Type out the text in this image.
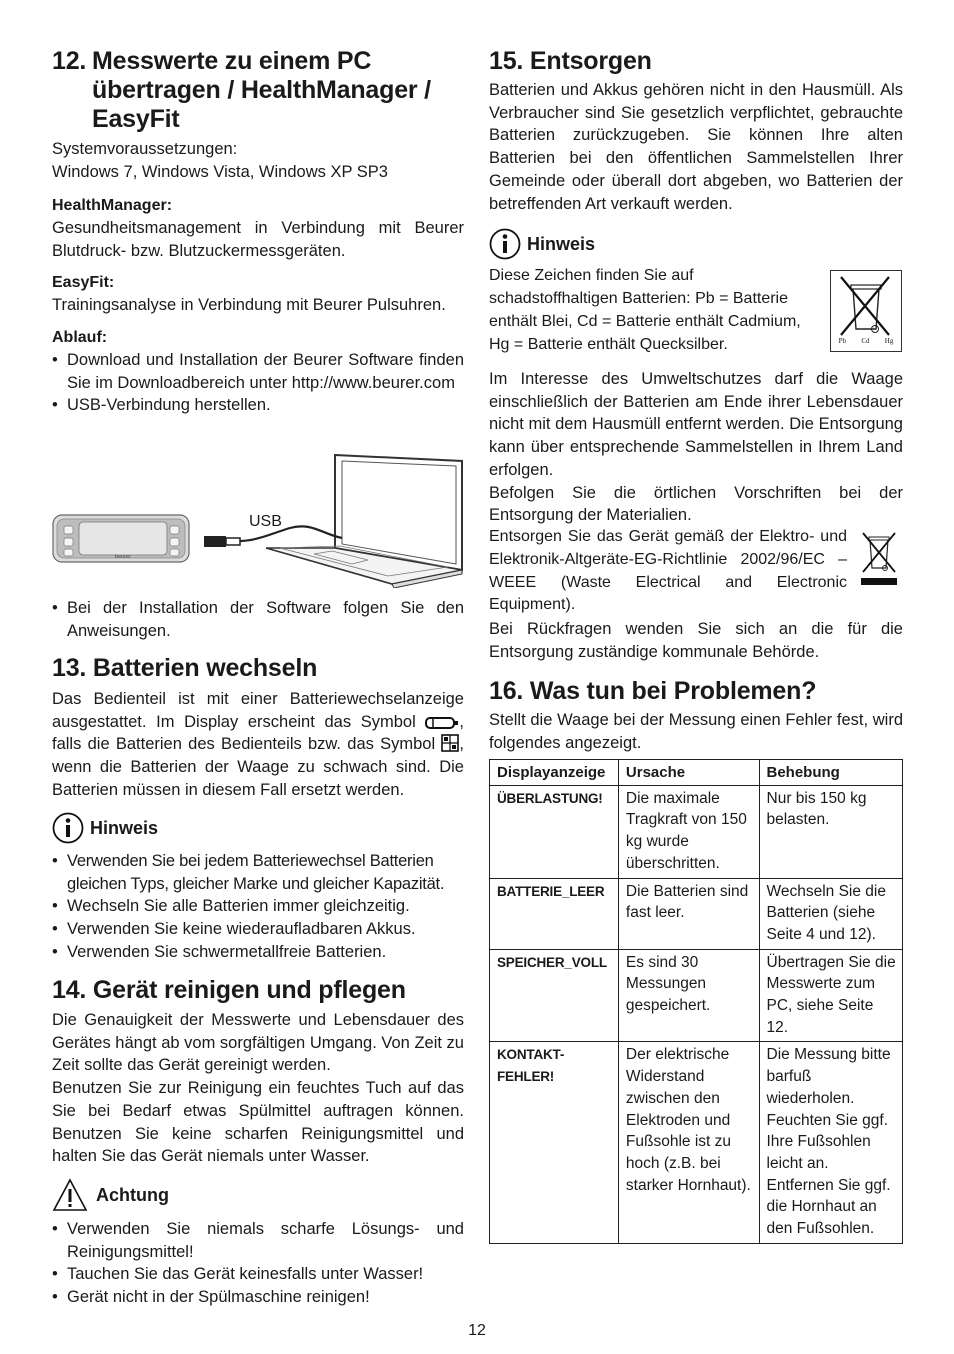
12. Messwerte zu einem PC übertragen / HealthManager / EasyFit

Systemvoraussetzungen:

Windows 7, Windows Vista, Windows XP SP3

HealthManager:

Gesundheitsmanagement in Verbindung mit Beurer Blutdruck- bzw. Blutzuckermessgeräten.

EasyFit:

Trainingsanalyse in Verbindung mit Beurer Pulsuhren.

Ablauf:

• Download und Installation der Beurer Software finden Sie im Downloadbereich unter http://www.beurer.com
• USB-Verbindung herstellen.
beurer
USB
• Bei der Installation der Software folgen Sie den Anweisungen.
13. Batterien wechseln

Das Bedienteil ist mit einer Batteriewechselanzeige ausgestattet. Im Display erscheint das Symbol	, falls die Batterien des Bedienteils bzw. das Symbol , wenn die Batterien der Waage zu schwach sind. Die Batterien müssen in diesem Fall ersetzt werden.

Hinweis
• Verwenden Sie bei jedem Batteriewechsel Batterien gleichen Typs, gleicher Marke und gleicher Kapazität.
• Wechseln Sie alle Batterien immer gleichzeitig.
• Verwenden Sie keine wiederaufladbaren Akkus.
• Verwenden Sie schwermetallfreie Batterien.
14. Gerät reinigen und pflegen

Die Genauigkeit der Messwerte und Lebensdauer des Gerätes hängt ab vom sorgfältigen Umgang. Von Zeit zu Zeit sollte das Gerät gereinigt werden.

Benutzen Sie zur Reinigung ein feuchtes Tuch auf das Sie bei Bedarf etwas Spülmittel auftragen können. Benutzen Sie keine scharfen Reinigungsmittel und halten Sie das Gerät niemals unter Wasser.

Achtung
• Verwenden Sie niemals scharfe Lösungs- und Reinigungsmittel!
• Tauchen Sie das Gerät keinesfalls unter Wasser!
• Gerät nicht in der Spülmaschine reinigen!
15. Entsorgen

Batterien und Akkus gehören nicht in den Hausmüll. Als Verbraucher sind Sie gesetzlich verpflichtet, gebrauchte Batterien zurückzugeben. Sie können Ihre alten Batterien bei den öffentlichen Sammelstellen Ihrer Gemeinde oder überall dort abgeben, wo Batterien der betreffenden Art verkauft werden.

Hinweis

Diese Zeichen finden Sie auf schadstoffhaltigen Batterien: Pb = Batterie enthält Blei, Cd = Batterie enthält Cadmium, Hg = Batterie enthält Quecksilber.	Pb Cd Hg

Im Interesse des Umweltschutzes darf die Waage einschließlich der Batterien am Ende ihrer Lebensdauer nicht mit dem Hausmüll entfernt werden. Die Entsorgung kann über entsprechende Sammelstellen in Ihrem Land erfolgen.

Befolgen Sie die örtlichen Vorschriften bei der Entsorgung der Materialien.

Entsorgen Sie das Gerät gemäß der Elektro- und Elektronik-Altgeräte-EG-Richtlinie 2002/96/EC – WEEE (Waste Electrical and Electronic Equipment).

Bei Rückfragen wenden Sie sich an die für die Entsorgung zuständige kommunale Behörde.

16. Was tun bei Problemen?

Stellt die Waage bei der Messung einen Fehler fest, wird folgendes angezeigt.

Displayanzeige	Ursache	Behebung
ÜBERLASTUNG!	Die maximale Tragkraft von 150 kg wurde überschritten.	Nur bis 150 kg belasten.
BATTERIE_LEER	Die Batterien sind fast leer.	Wechseln Sie die Batterien (siehe Seite 4 und 12).
SPEICHER_VOLL	Es sind 30 Messungen gespeichert.	Übertragen Sie die Messwerte zum PC, siehe Seite 12.
KONTAKT-FEHLER!	Der elektrische Widerstand zwischen den Elektroden und Fußsohle ist zu hoch (z.B. bei starker Hornhaut).	Die Messung bitte barfuß wiederholen. Feuchten Sie ggf. Ihre Fußsohlen leicht an. Entfernen Sie ggf. die Hornhaut an den Fußsohlen.
12
